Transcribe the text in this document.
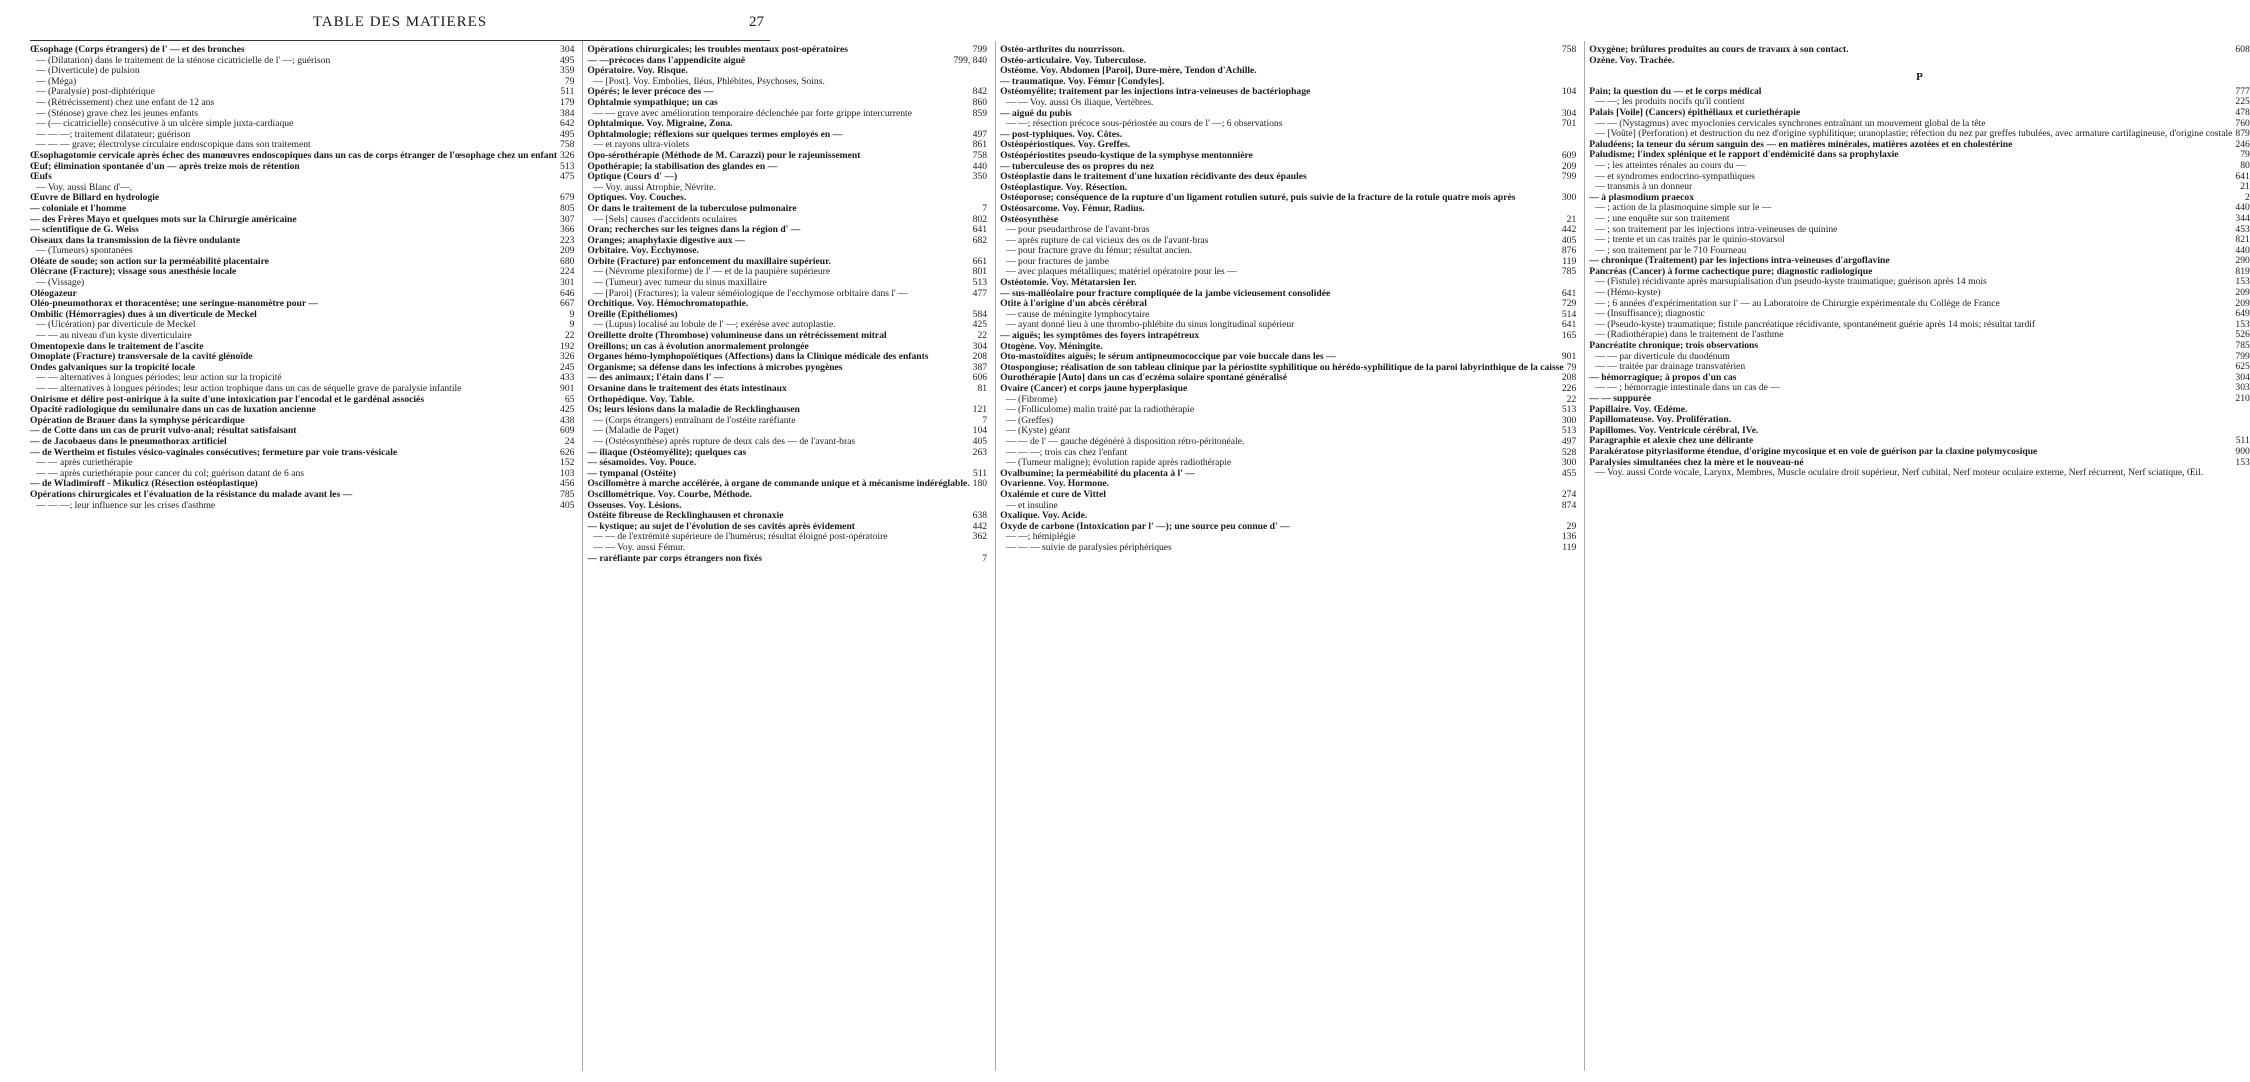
TABLE DES MATIERES	27
Œsophage (Corps étrangers) de l' — et des bronches	304
— (Dilatation) dans le traitement de la sténose cicatricielle de l' —; guérison	495
— (Diverticule) de pulsion	359
— (Méga)	79
— (Paralysie) post-diphtérique	511
— (Rétrécissement) chez une enfant de 12 ans	179
— (Sténose) grave chez les jeunes enfants	384
— (— cicatricielle) consécutive à un ulcère simple juxta-cardiaque	642
— — —; traitement dilatateur; guérison	495
— — — grave; électrolyse circulaire endoscopique dans son traitement	758
Œsophagotomie cervicale après échec des manœuvres endoscopiques dans un cas de corps étranger de l'œsophage chez un enfant 326
Œuf; élimination spontanée d'un — après treize mois de rétention	513
Œufs	475
— Voy. aussi Blanc d'—.
Œuvre de Billard en hydrologie	679
— coloniale et l'homme	805
— des Frères Mayo et quelques mots sur la Chirurgie américaine	307
— scientifique de G. Weiss	366
Oiseaux dans la transmission de la fièvre ondulante	223
— (Tumeurs) spontanées	209
Oléate de soude; son action sur la perméabilité placentaire	680
Olécrane (Fracture); vissage sous anesthésie locale	224
— (Vissage)	301
Oléogazeur	646
Oléo-pneumothorax et thoracentèse; une seringue-manomètre pour —	667
Ombilic (Hémorragies) dues à un diverticule de Meckel	9
— (Ulcération) par diverticule de Meckel	9
— — au niveau d'un kyste diverticulaire	22
Omentopexie dans le traitement de l'ascite	192
Omoplate (Fracture) transversale de la cavité glénoïde	326
Ondes galvaniques sur la tropicité locale	245
— — alternatives à longues périodes; leur action sur la tropicité	433
— — alternatives à longues périodes; leur action trophique dans un cas de séquelle grave de paralysie infantile	901
Onirisme et délire post-onirique à la suite d'une intoxication par l'encodal et le gardénal associés	65
Opacité radiologique du semilunaire dans un cas de luxation ancienne	425
Opération de Brauer dans la symphyse péricardique	438
— de Cotte dans un cas de prurit vulvo-anal; résultat satisfaisant	609
— de Jacobaeus dans le pneumothorax artificiel	24
— de Wertheim et fistules vésico-vaginales consécutives; fermeture par voie trans-vésicale	626
— — après curiethérapie	152
— — après curiethérapie pour cancer du col; guérison datant de 6 ans	103
— de Wladimiroff - Mikulicz (Résection ostéoplastique)	456
Opérations chirurgicales et l'évaluation de la résistance du malade avant les —	785
— — —; leur influence sur les crises d'asthme	405
Opérations chirurgicales; les troubles mentaux post-opératoires	799
— —précoces dans l'appendicite aiguë	799, 840
Opératoire. Voy. Risque.
— [Post]. Voy. Embolies, Iléus, Phlébites, Psychoses, Soins.
Opérés; le lever précoce des —	842
Ophtalmie sympathique; un cas	860
— — grave avec amélioration temporaire déclenchée par forte grippe intercurrente	859
Ophtalmique. Voy. Migraine, Zona.
Ophtalmologie; réflexions sur quelques termes employés en —	497
— et rayons ultra-violets	861
Opo-sérothérapie (Méthode de M. Carazzi) pour le rajeunissement	758
Opothérapie; la stabilisation des glandes en —	440
Optique (Cours d' —)	350
— Voy. aussi Atrophie, Névrite.
Optiques. Voy. Couches.
Or dans le traitement de la tuberculose pulmonaire	7
— [Sels] causes d'accidents oculaires	802
Oran; recherches sur les teignes dans la région d' —	641
Oranges; anaphylaxie digestive aux —	682
Orbitaire. Voy. Ecchymose.
Orbite (Fracture) par enfoncement du maxillaire supérieur.	661
— (Névrome plexiforme) de l' — et de la paupière supérieure	801
— (Tumeur) avec tumeur du sinus maxillaire	513
— [Paroi] (Fractures); la valeur séméiologique de l'ecchymose orbitaire dans l' —	477
Orchitique. Voy. Hémochromatopathie.
Oreille (Epithéliomes)	584
— (Lupus) localisé au lobule de l' —; exérèse avec autoplastie.	425
Oreillette droite (Thrombose) volumineuse dans un rétrécissement mitral	22
Oreillons; un cas à évolution anormalement prolongée	304
Organes hémo-lymphopoïétiques (Affections) dans la Clinique médicale des enfants	208
Organisme; sa défense dans les infections à microbes pyogènes	387
— des animaux; l'étain dans l' —	606
Orsanine dans le traitement des états intestinaux	81
Orthopédique. Voy. Table.
Os; leurs lésions dans la maladie de Recklinghausen	121
— (Corps étrangers) entraînant de l'ostéite raréfiante	7
— (Maladie de Paget)	104
— (Ostéosynthèse) après rupture de deux cals des — de l'avant-bras	405
— iliaque (Ostéomyélite); quelques cas	263
— sésamoïdes. Voy. Pouce.
— tympanal (Ostéite)	511
Oscillomètre à marche accélérée, à organe de commande unique et à mécanisme indéréglable. 180
Oscillométrique. Voy. Courbe, Méthode.
Osseuses. Voy. Lésions.
Ostéite fibreuse de Recklinghausen et chronaxie	638
— kystique; au sujet de l'évolution de ses cavités après évidement	442
— — de l'extrémité supérieure de l'humérus; résultat éloigné post-opératoire	362
— — Voy. aussi Fémur.
— raréfiante par corps étrangers non fixés	7
Ostéo-arthrites du nourrisson.	758
Ostéo-articulaire. Voy. Tuberculose.
Ostéome. Voy. Abdomen [Paroi], Dure-mère, Tendon d'Achille.
— traumatique. Voy. Fémur [Condyles].
Ostéomyélite; traitement par les injections intra-veineuses de bactériophage	104
— — Voy. aussi Os iliaque, Vertèbres.
— aiguë du pubis	304
— —; résection précoce sous-périostée au cours de l' —; 6 observations	701
— post-typhiques. Voy. Côtes.
Ostéopériostiques. Voy. Greffes.
Ostéopériostites pseudo-kystique de la symphyse mentonnière	609
— tuberculeuse des os propres du nez	209
Ostéoplastie dans le traitement d'une luxation récidivante des deux épaules	799
Ostéoplastique. Voy. Résection.
Ostéoporose; conséquence de la rupture d'un ligament rotulien suturé, puis suivie de la fracture de la rotule quatre mois après	300
Ostéosarcome. Voy. Fémur, Radius.
Ostéosynthèse	21
— pour pseudarthrose de l'avant-bras	442
— après rupture de cal vicieux des os de l'avant-bras	405
— pour fracture grave du fémur; résultat ancien.	876
— pour fractures de jambe	119
— avec plaques métalliques; matériel opératoire pour les —	785
Ostéotomie. Voy. Métatarsien Ier.
— sus-malléolaire pour fracture compliquée de la jambe vicieusement consolidée	641
Otite à l'origine d'un abcès cérébral	729
— cause de méningite lymphocytaire	514
— ayant donné lieu à une thrombo-phlébite du sinus longitudinal supérieur	641
— aiguës; les symptômes des foyers intrapétreux	165
Otogène. Voy. Méningite.
Oto-mastoïdites aiguës; le sérum antipneumococcique par voie buccale dans les —	901
Otospongiose; réalisation de son tableau clinique par la périostite syphilitique ou hérédo-syphilitique de la paroi labyrinthique de la caisse 79
Ourothérapie [Auto] dans un cas d'eczéma solaire spontané généralisé	208
Ovaire (Cancer) et corps jaune hyperplasique	226
— (Fibrome)	22
— (Folliculome) malin traité par la radiothérapie	513
— (Greffes)	300
— (Kyste) géant	513
— — de l' — gauche dégénéré à disposition rétro-péritonéale.	497
— — —; trois cas chez l'enfant	528
— (Tumeur maligne); évolution rapide après radiothérapie	300
Ovalbumine; la perméabilité du placenta à l' —	455
Ovarienne. Voy. Hormone.
Oxalémie et cure de Vittel	274
— et insuline	874
Oxalique. Voy. Acide.
Oxyde de carbone (Intoxication par l' —); une source peu connue d' —	29
— —; hémiplégie	136
— — — suivie de paralysies périphériques	119
Oxygène; brûlures produites au cours de travaux à son contact.	608
Ozène. Voy. Trachée.
P
Pain; la question du — et le corps médical	777
— —; les produits nocifs qu'il contient	225
Palais [Voile] (Cancers) épithéliaux et curiethérapie	478
— — (Nystagmus) avec myoclonies cervicales synchrones entraînant un mouvement global de la tête	760
— [Voûte] (Perforation) et destruction du nez d'origine syphilitique; uranoplastie; réfection du nez par greffes tubulées, avec armature cartilagineuse, d'origine costale 879
Paludéens; la teneur du sérum sanguin des — en matières minérales, matières azotées et en cholestérine	246
Paludisme; l'index splénique et le rapport d'endémicité dans sa prophylaxie	79
— ; les atteintes rénales au cours du —	80
— et syndromes endocrino-sympathiques	641
— transmis à un donneur	21
— à plasmodium praecox	2
— ; action de la plasmoquine simple sur le —	440
— ; une enquête sur son traitement	344
— ; son traitement par les injections intra-veineuses de quinine	453
— ; trente et un cas traités par le quinio-stovarsol	821
— ; son traitement par le 710 Fourneau	440
— chronique (Traitement) par les injections intra-veineuses d'argoflavine	290
Pancréas (Cancer) à forme cachectique pure; diagnostic radiologique	819
— (Fistule) récidivante après marsupialisation d'un pseudo-kyste traumatique; guérison après 14 mois	153
— (Hémo-kyste)	209
— ; 6 années d'expérimentation sur l' — au Laboratoire de Chirurgie expérimentale du Collège de France	209
— (Insuffisance); diagnostic	649
— (Pseudo-kyste) traumatique; fistule pancréatique récidivante, spontanément guérie après 14 mois; résultat tardif	153
— (Radiothérapie) dans le traitement de l'asthme	526
Pancréatite chronique; trois observations	785
— — par diverticule du duodénum	799
— — traitée par drainage transvatérien	625
— hémorragique; à propos d'un cas	304
— — ; hémorragie intestinale dans un cas de —	303
— — suppurée	210
Papillaire. Voy. Œdème.
Papillomateuse. Voy. Prolifération.
Papillomes. Voy. Ventricule cérébral, IVe.
Paragraphie et alexie chez une délirante	511
Parakératose pityriasiforme étendue, d'origine mycosique et en voie de guérison par la claxine polymycosique	900
Paralysies simultanées chez la mère et le nouveau-né	153
— Voy. aussi Corde vocale, Larynx, Membres, Muscle oculaire droit supérieur, Nerf cubital, Nerf moteur oculaire externe, Nerf récurrent, Nerf sciatique, Œil.
